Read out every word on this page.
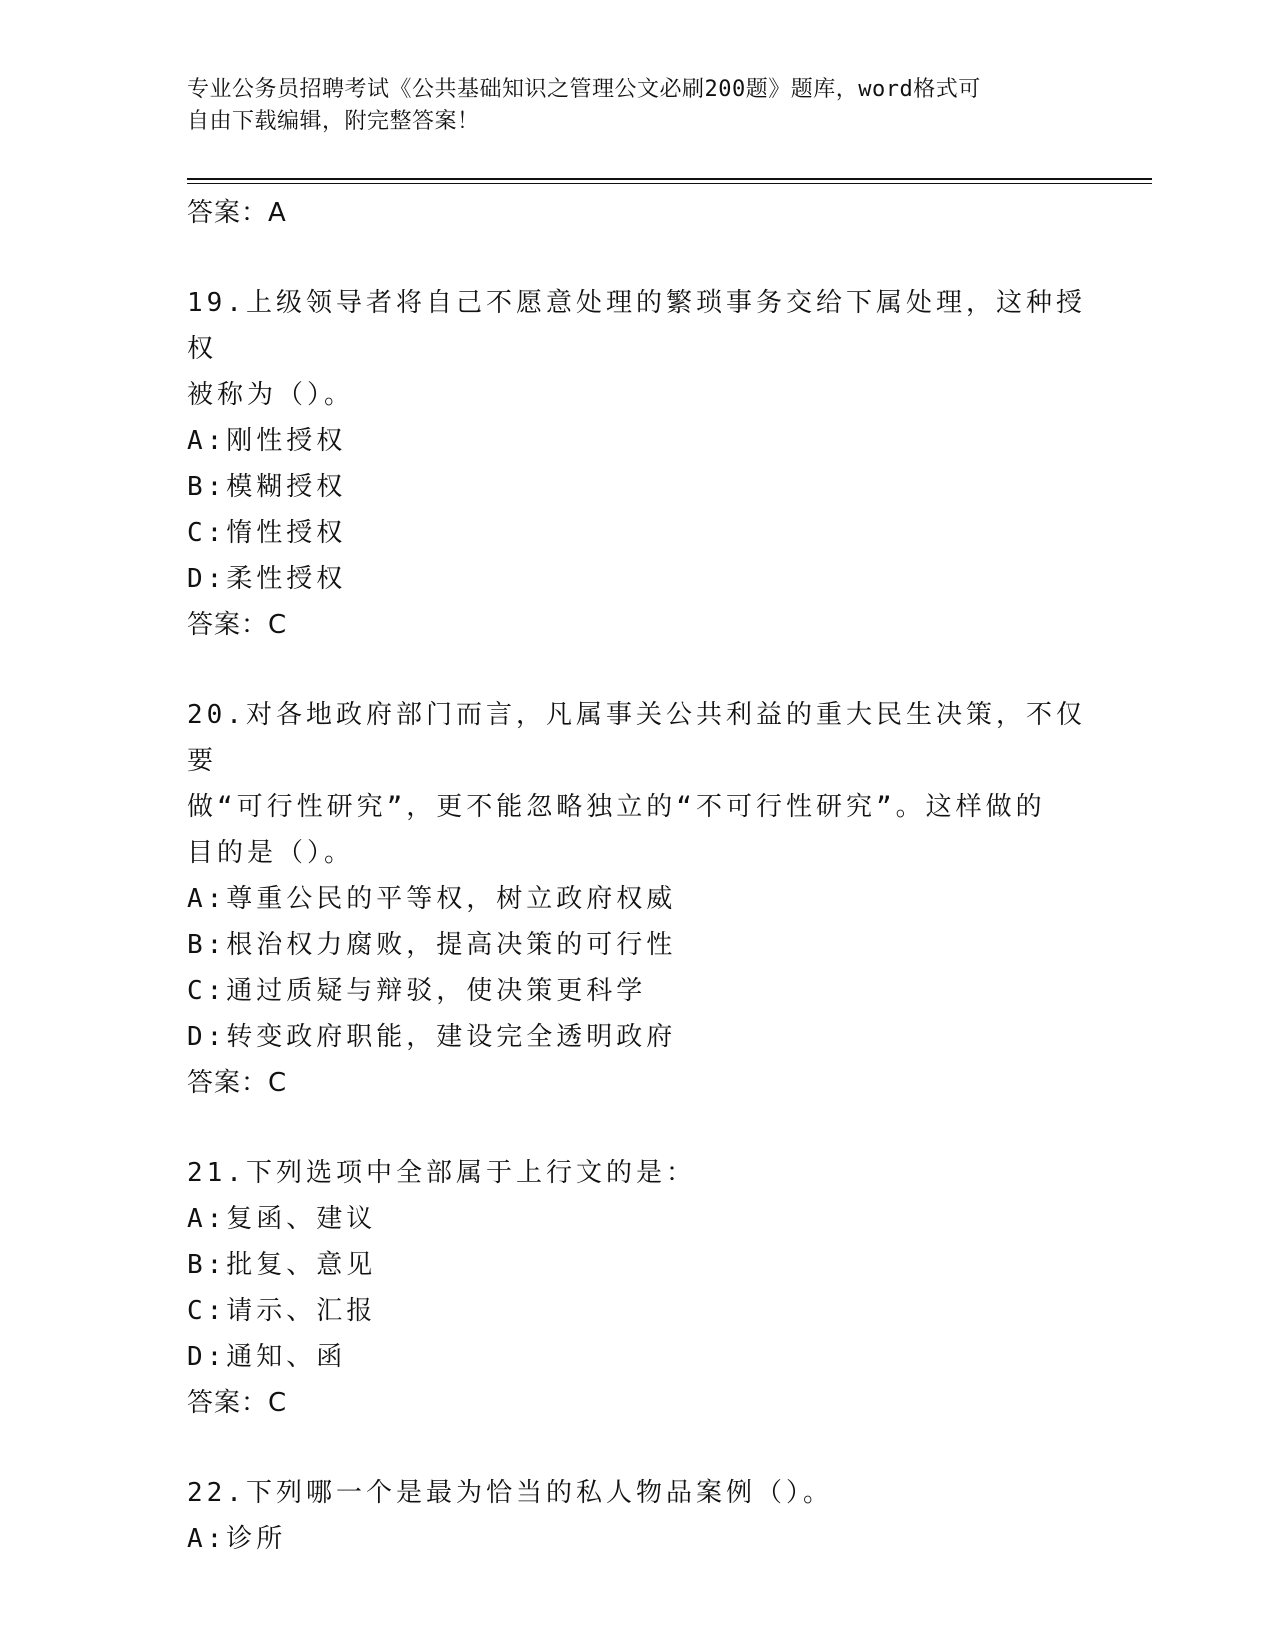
专业公务员招聘考试《公共基础知识之管理公文必刷200题》题库，word格式可
自由下载编辑，附完整答案！
答案：A
19.上级领导者将自己不愿意处理的繁琐事务交给下属处理，这种授权
被称为（）。
A:刚性授权
B:模糊授权
C:惰性授权
D:柔性授权
答案：C
20.对各地政府部门而言，凡属事关公共利益的重大民生决策，不仅要
做“可行性研究”，更不能忽略独立的“不可行性研究”。这样做的
目的是（）。
A:尊重公民的平等权，树立政府权威
B:根治权力腐败，提高决策的可行性
C:通过质疑与辩驳，使决策更科学
D:转变政府职能，建设完全透明政府
答案：C
21.下列选项中全部属于上行文的是：
A:复函、建议
B:批复、意见
C:请示、汇报
D:通知、函
答案：C
22.下列哪一个是最为恰当的私人物品案例（）。
A:诊所
